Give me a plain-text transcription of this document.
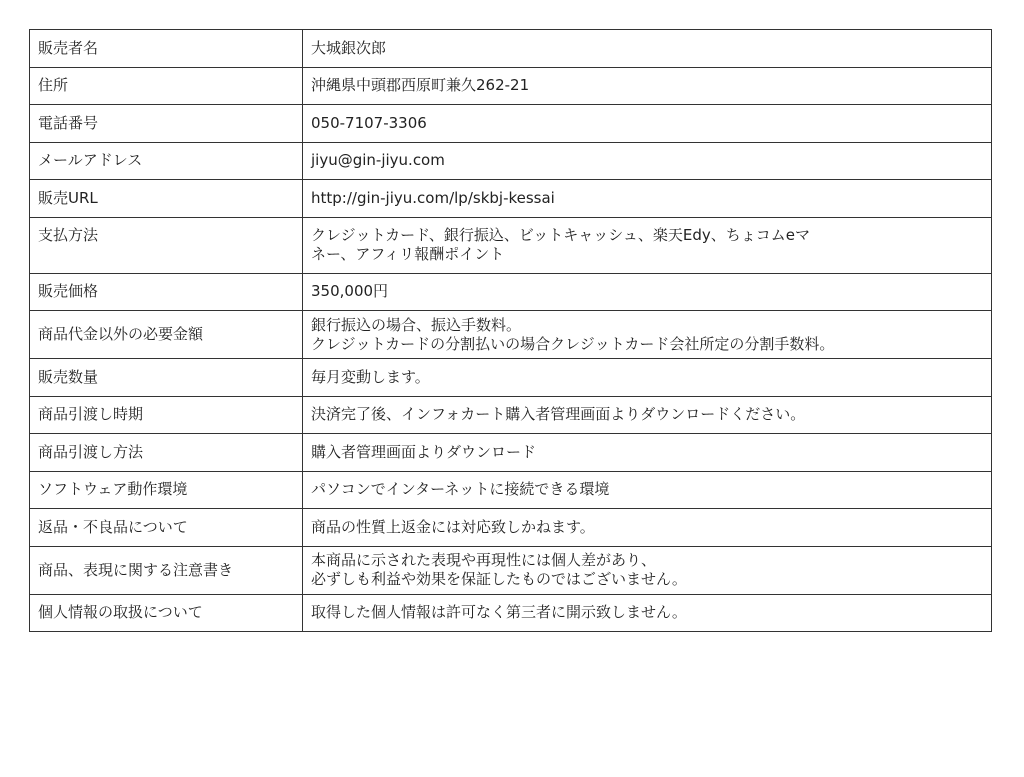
販売者名	大城銀次郎
住所	沖縄県中頭郡西原町兼久262-21
電話番号	050-7107-3306
メールアドレス	jiyu@gin-jiyu.com
販売URL	http://gin-jiyu.com/lp/skbj-kessai
支払方法	クレジットカード、銀行振込、ビットキャッシュ、楽天Edy、ちょコムeマ
ネー、アフィリ報酬ポイント
販売価格	350,000円
商品代金以外の必要金額	銀行振込の場合、振込手数料。
クレジットカードの分割払いの場合クレジットカード会社所定の分割手数料。
販売数量	毎月変動します。
商品引渡し時期	決済完了後、インフォカート購入者管理画面よりダウンロードください。
商品引渡し方法	購入者管理画面よりダウンロード
ソフトウェア動作環境	パソコンでインターネットに接続できる環境
返品・不良品について	商品の性質上返金には対応致しかねます。
商品、表現に関する注意書き	本商品に示された表現や再現性には個人差があり、
必ずしも利益や効果を保証したものではございません。
個人情報の取扱について	取得した個人情報は許可なく第三者に開示致しません。
